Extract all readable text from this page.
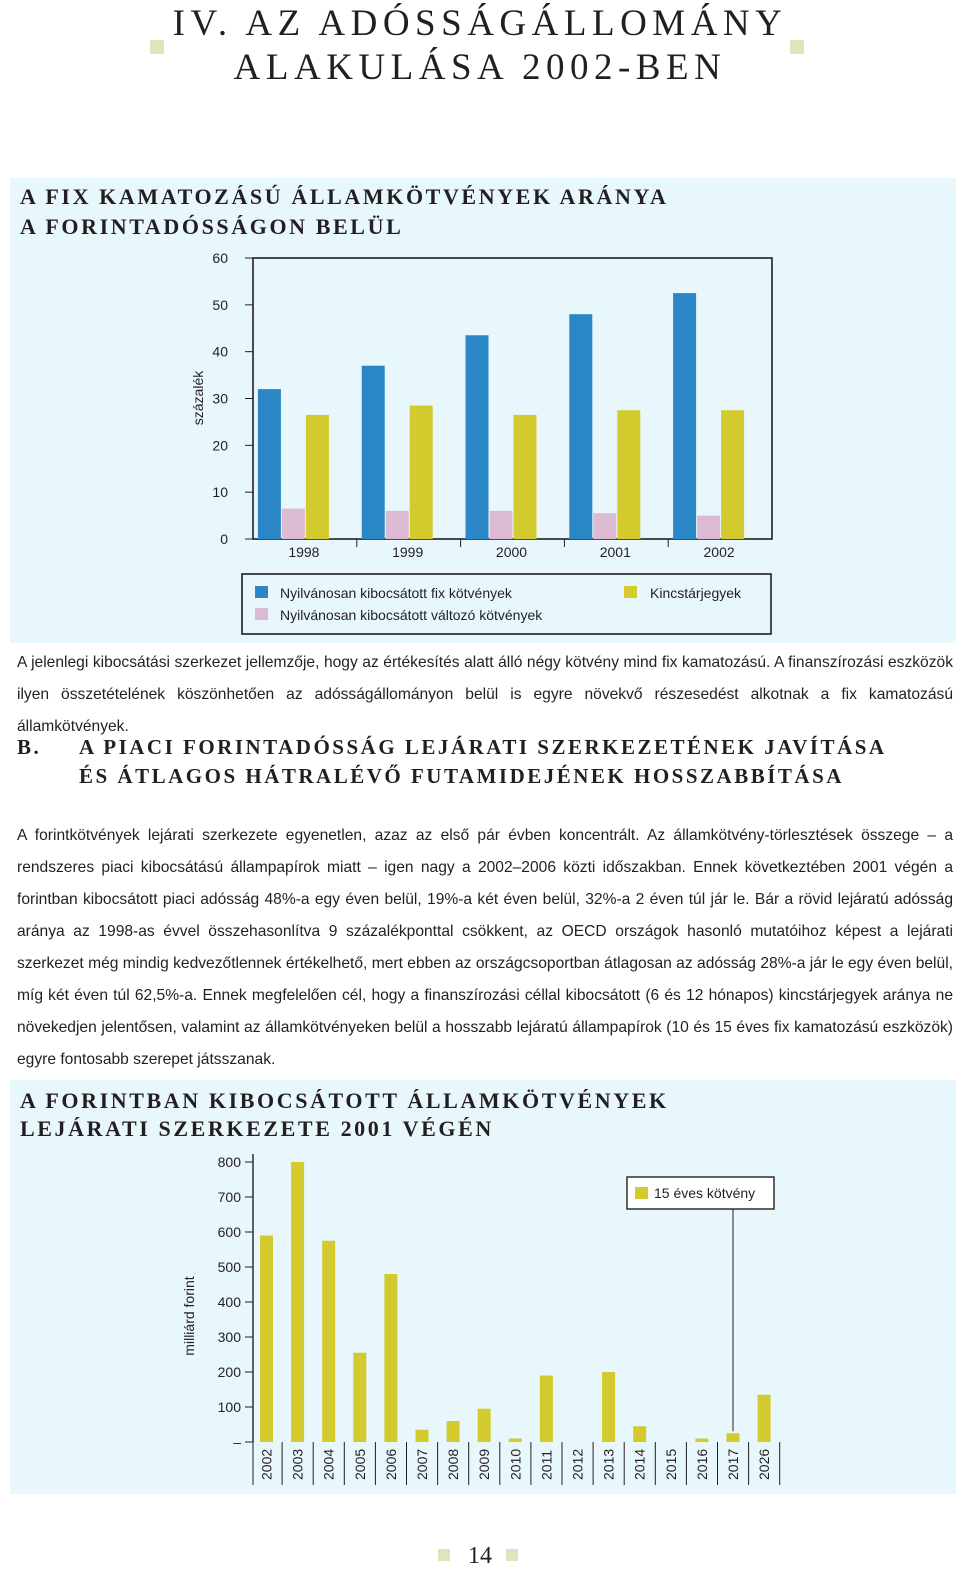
IV. AZ ADÓSSÁGÁLLOMÁNY
ALAKULÁSA 2002-BEN
A FIX KAMATOZÁSÚ ÁLLAMKÖTVÉNYEK ARÁNYA
A FORINTADÓSSÁGON BELÜL
0
10
20
30
40
50
60
százalék
1998	1999	2000	2001	2002
Nyilvánosan kibocsátott fix kötvények
Nyilvánosan kibocsátott változó kötvények
Kincstárjegyek

A jelenlegi kibocsátási szerkezet jellemzője, hogy az értékesítés alatt álló négy kötvény mind fix kamatozású. A finanszírozási eszközök ilyen összetételének köszönhetően az adósságállományon belül is egyre növekvő részesedést alkotnak a fix kamatozású államkötvények.

B. A PIACI FORINTADÓSSÁG LEJÁRATI SZERKEZETÉNEK JAVÍTÁSA
ÉS ÁTLAGOS HÁTRALÉVŐ FUTAMIDEJÉNEK HOSSZABBÍTÁSA

A forintkötvények lejárati szerkezete egyenetlen, azaz az első pár évben koncentrált. Az államkötvény-törlesztések összege – a rendszeres piaci kibocsátású állampapírok miatt – igen nagy a 2002–2006 közti időszakban. Ennek következtében 2001 végén a forintban kibocsátott piaci adósság 48%-a egy éven belül, 19%-a két éven belül, 32%-a 2 éven túl jár le. Bár a rövid lejáratú adósság aránya az 1998-as évvel összehasonlítva 9 százalékponttal csökkent, az OECD országok hasonló mutatóihoz képest a lejárati szerkezet még mindig kedvezőtlennek értékelhető, mert ebben az országcsoportban átlagosan az adósság 28%-a jár le egy éven belül, míg két éven túl 62,5%-a. Ennek megfelelően cél, hogy a finanszírozási céllal kibocsátott (6 és 12 hónapos) kincstárjegyek aránya ne növekedjen jelentősen, valamint az államkötvényeken belül a hosszabb lejáratú állampapírok (10 és 15 éves fix kamatozású eszközök) egyre fontosabb szerepet játsszanak.

A FORINTBAN KIBOCSÁTOTT ÁLLAMKÖTVÉNYEK
LEJÁRATI SZERKEZETE 2001 VÉGÉN
100
200
300
400
500
600
700
800
–
milliárd forint
2002 2003 2004 2005 2006 2007 2008 2009 2010 2011 2012 2013 2014 2015 2016 2017 2026
15 éves kötvény
14
